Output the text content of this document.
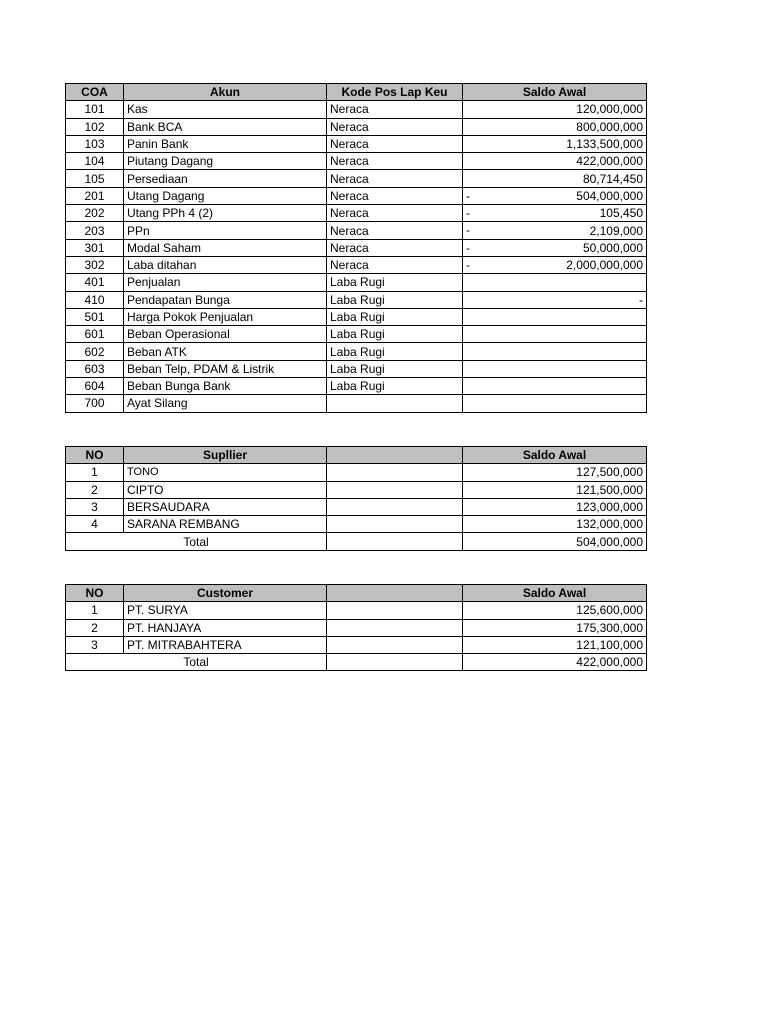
COA	Akun	Kode Pos Lap Keu	Saldo Awal
101	Kas	Neraca	120,000,000
102	Bank BCA	Neraca	800,000,000
103	Panin Bank	Neraca	1,133,500,000
104	Piutang Dagang	Neraca	422,000,000
105	Persediaan	Neraca	80,714,450
201	Utang Dagang	Neraca	- 504,000,000
202	Utang PPh 4 (2)	Neraca	- 105,450
203	PPn	Neraca	- 2,109,000
301	Modal Saham	Neraca	- 50,000,000
302	Laba ditahan	Neraca	- 2,000,000,000
401	Penjualan	Laba Rugi	

410	Pendapatan Bunga	Laba Rugi	-
501	Harga Pokok Penjualan	Laba Rugi	

601	Beban Operasional	Laba Rugi	

602	Beban ATK	Laba Rugi	

603	Beban Telp, PDAM & Listrik	Laba Rugi	

604	Beban Bunga Bank	Laba Rugi	

700	Ayat Silang		
NO	Supllier		Saldo Awal
1	TONO		127,500,000
2	CIPTO		121,500,000
3	BERSAUDARA		123,000,000
4	SARANA REMBANG		132,000,000
Total			504,000,000
NO	Customer		Saldo Awal
1	PT. SURYA		125,600,000
2	PT. HANJAYA		175,300,000
3	PT. MITRABAHTERA		121,100,000
Total			422,000,000
